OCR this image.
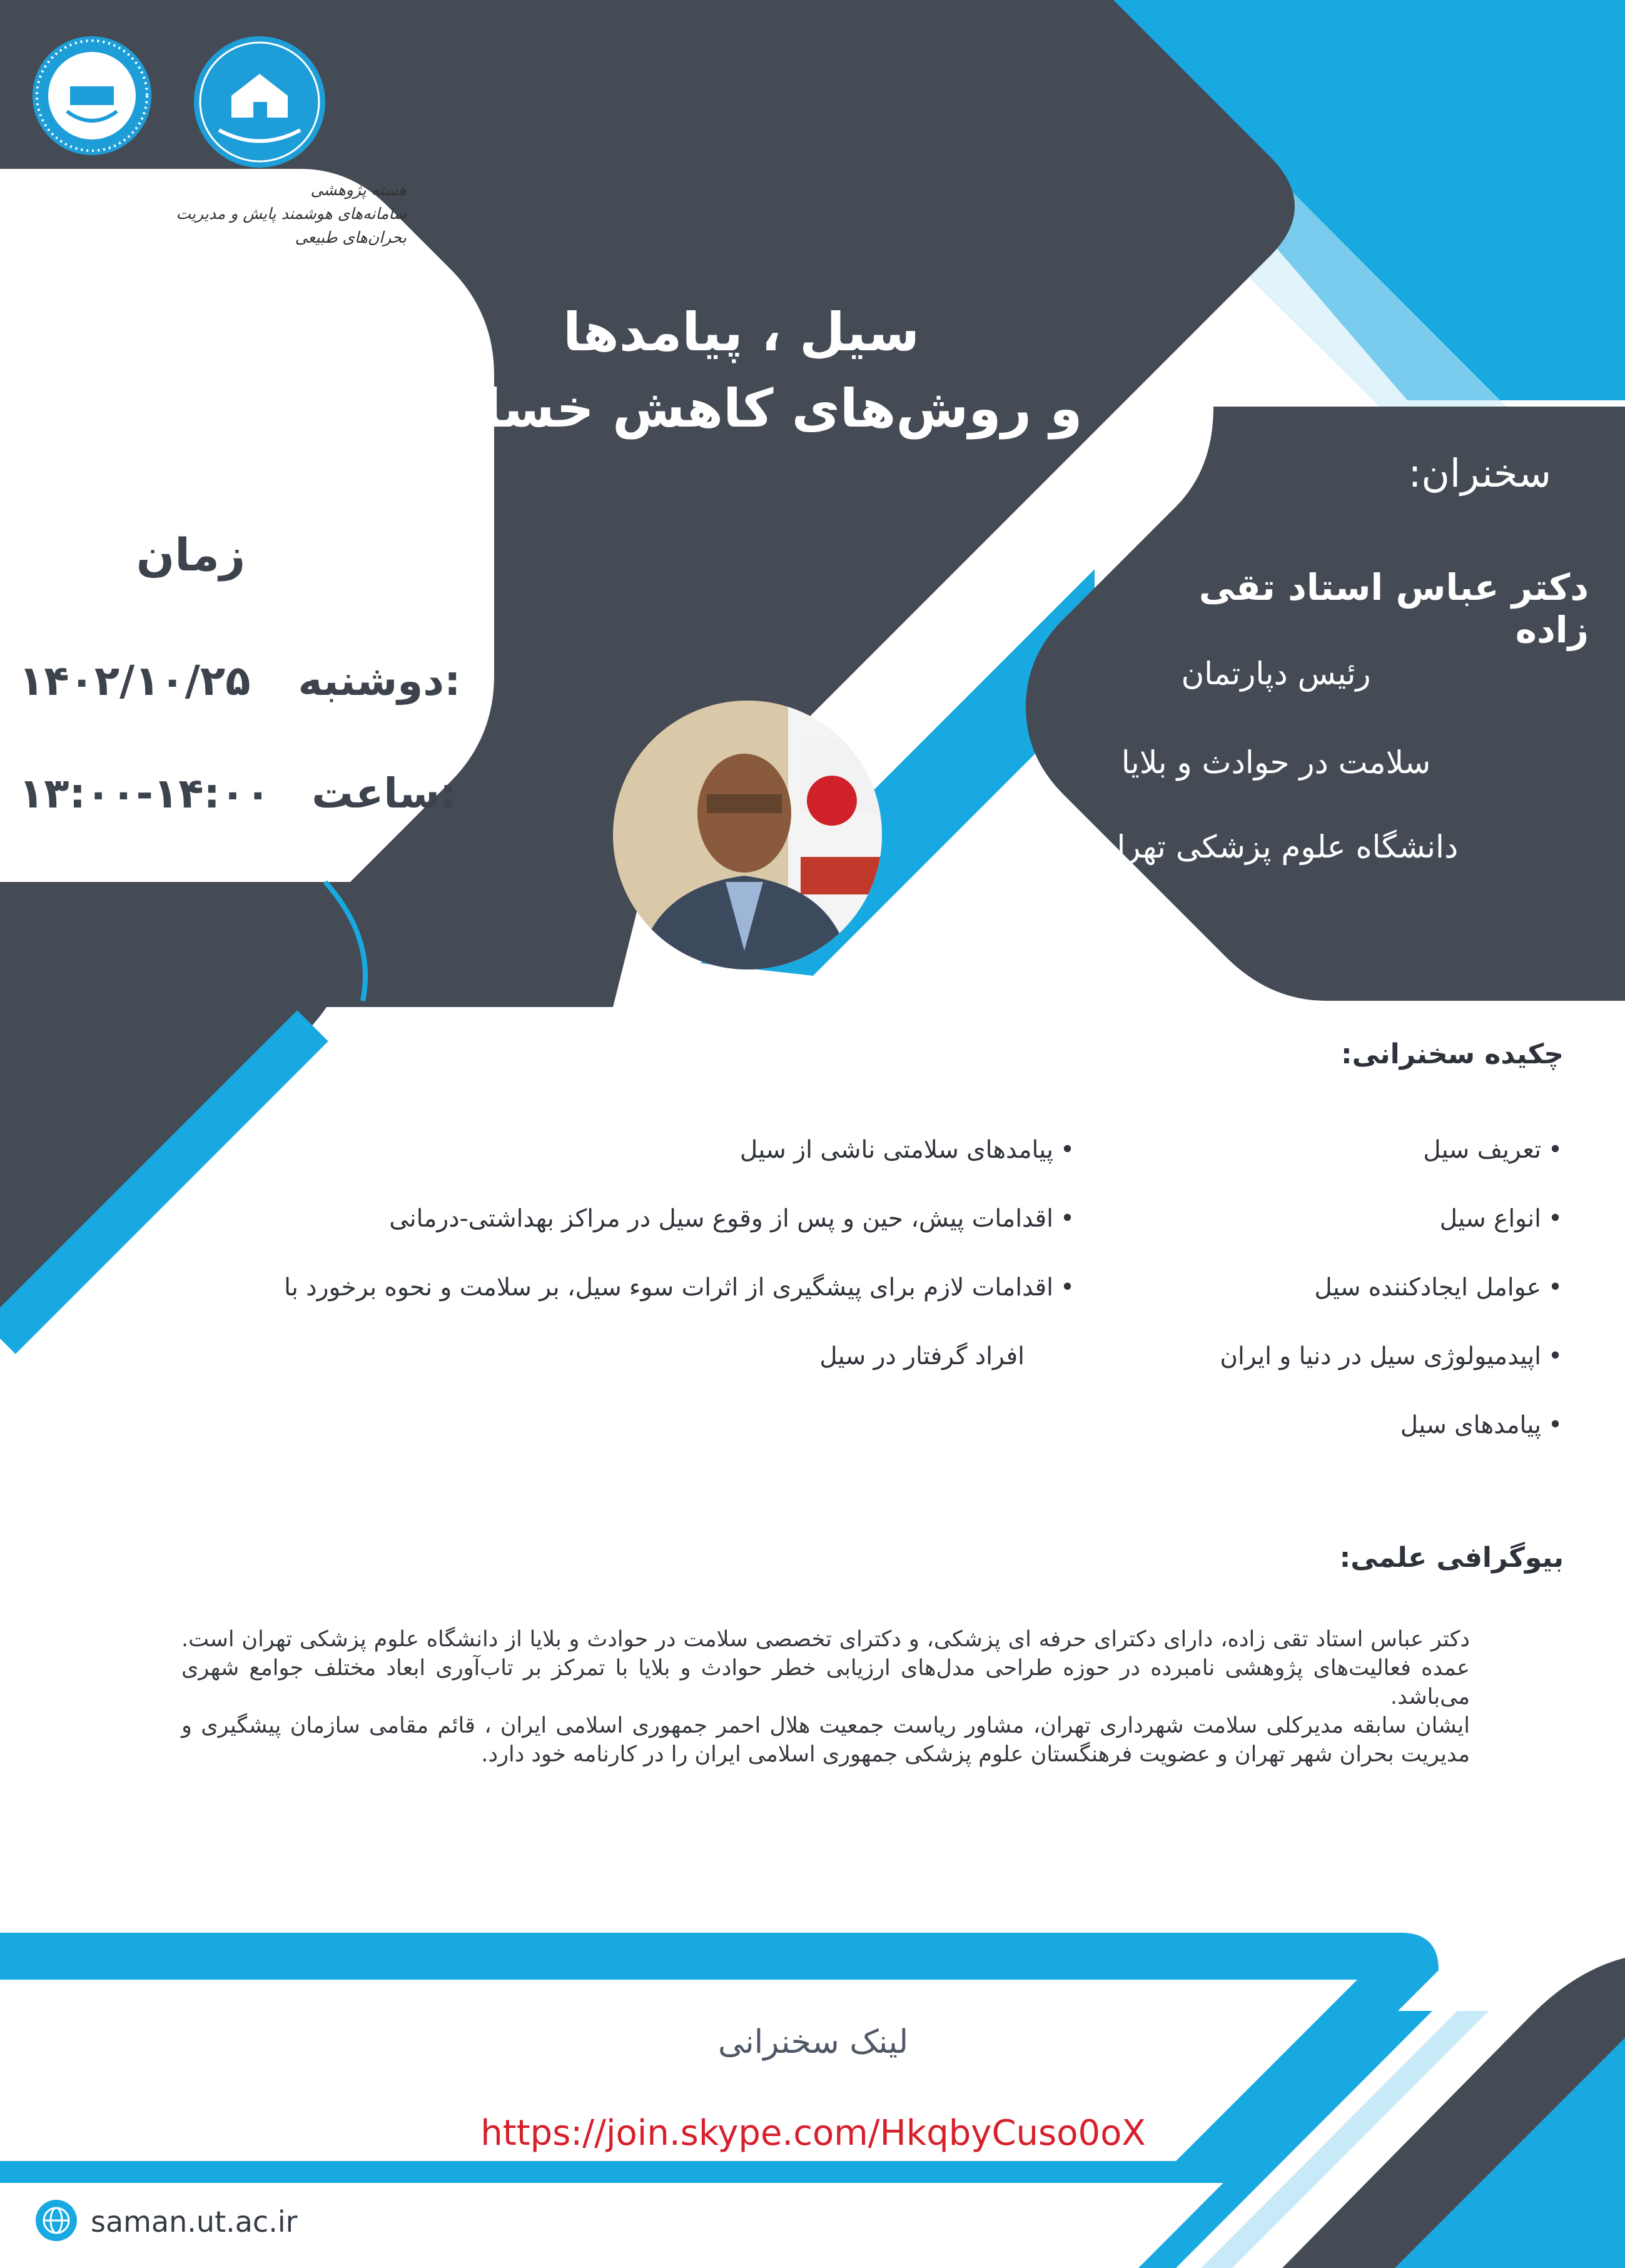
هسته پژوهشی
سامانه‌های هوشمند پایش و مدیریت بحران‌های طبیعی
سیل ، پیامدها
و روش‌های کاهش خسارت
زمان
۱۴۰۲/۱۰/۲۵ دوشنبه:
۱۳:۰۰-۱۴:۰۰ ساعت:
سخنران:
دکتر عباس استاد تقی زاده
رئیس دپارتمان
سلامت در حوادث و بلایا
دانشگاه علوم پزشکی تهران
چکیده سخنرانی:
• تعریف سیل
• انواع سیل
• عوامل ایجادکننده سیل
• اپیدمیولوژی سیل در دنیا و ایران
• پیامدهای سیل
• پیامدهای سلامتی ناشی از سیل
• اقدامات پیش، حین و پس از وقوع سیل در مراکز بهداشتی-درمانی
• اقدامات لازم برای پیشگیری از اثرات سوء سیل، بر سلامت و نحوه برخورد با
افراد گرفتار در سیل
بیوگرافی علمی:
دکتر عباس استاد تقی زاده، دارای دکترای حرفه ای پزشکی، و دکترای تخصصی سلامت در حوادث و بلایا از دانشگاه علوم پزشکی تهران است. عمده فعالیت‌های پژوهشی نامبرده در حوزه طراحی مدل‌های ارزیابی خطر حوادث و بلایا با تمرکز بر تاب‌آوری ابعاد مختلف جوامع شهری می‌باشد.
ایشان سابقه مدیرکلی سلامت شهرداری تهران، مشاور ریاست جمعیت هلال احمر جمهوری اسلامی ایران ، قائم مقامی سازمان پیشگیری و مدیریت بحران شهر تهران و عضویت فرهنگستان علوم پزشکی جمهوری اسلامی ایران را در کارنامه خود دارد.
لینک سخنرانی
https://join.skype.com/HkqbyCuso0oX
saman.ut.ac.ir
